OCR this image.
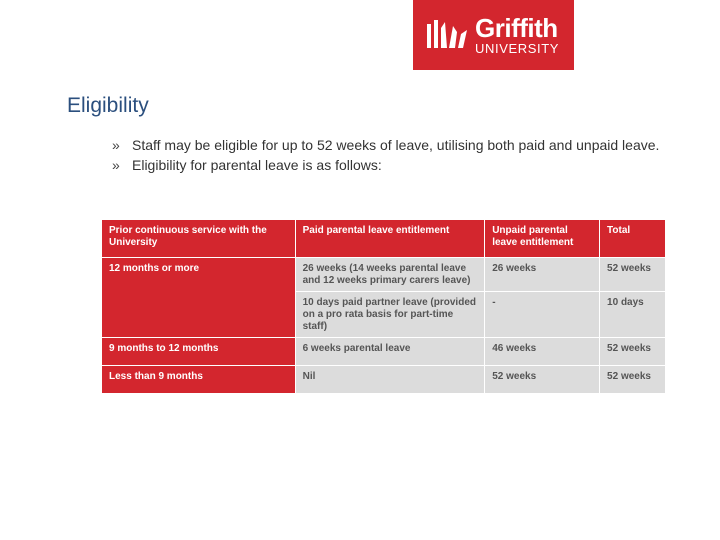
Griffith
UNIVERSITY
Eligibility
» Staff may be eligible for up to 52 weeks of leave, utilising both paid and unpaid leave.
» Eligibility for parental leave is as follows:
Prior continuous service with the University	Paid parental leave entitlement	Unpaid parental leave entitlement	Total
12 months or more	26 weeks (14 weeks parental leave and 12 weeks primary carers leave)	26 weeks	52 weeks
	10 days paid partner leave (provided on a pro rata basis for part-time staff)	-	10 days
9 months to 12 months	6 weeks parental leave	46 weeks	52 weeks
Less than 9 months	Nil	52 weeks	52 weeks
